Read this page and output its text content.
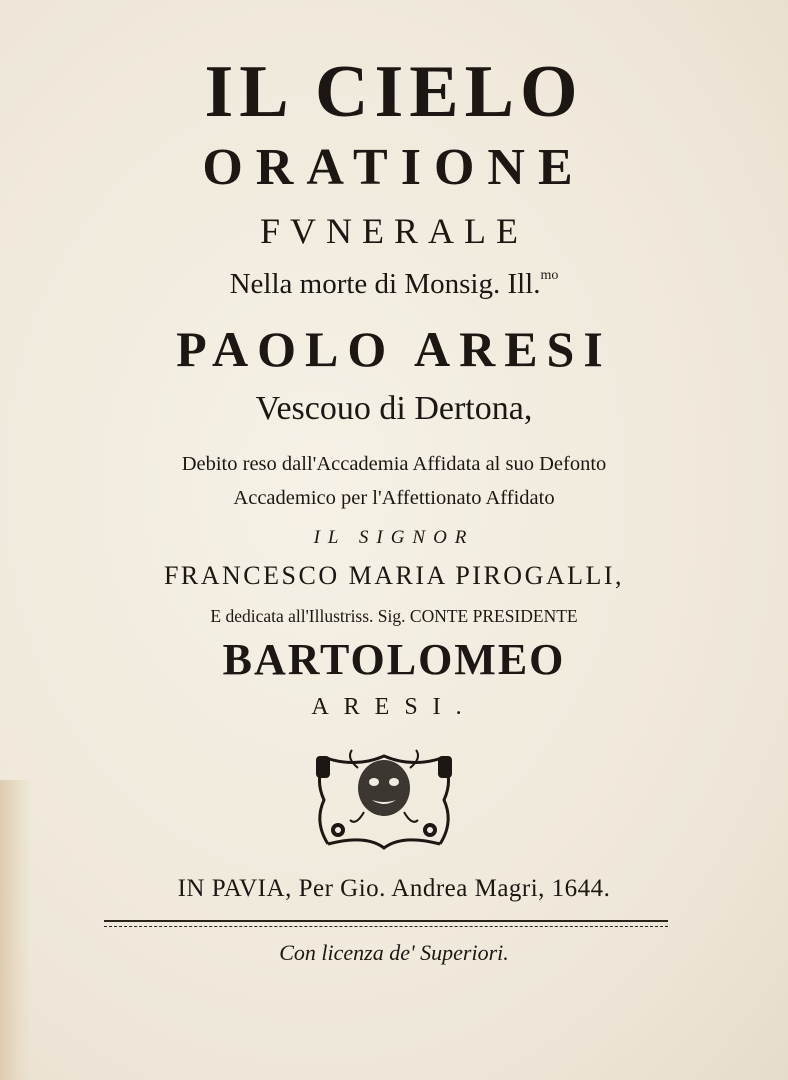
IL CIELO
ORATIONE
FVNERALE
Nella morte di Monsig. Ill.$^{mo}$
PAOLO ARESI
Vescouo di Dertona,
Debito reso dall'Accademia Affidata al suo Defonto
Accademico per l'Affettionato Affidato
IL SIGNOR
FRANCESCO MARIA PIROGALLI,
E dedicata all'Illustriss. Sig. CONTE PRESIDENTE
BARTOLOMEO
ARESI.
IN PAVIA, Per Gio. Andrea Magri, 1644.
Con licenza de' Superiori.
